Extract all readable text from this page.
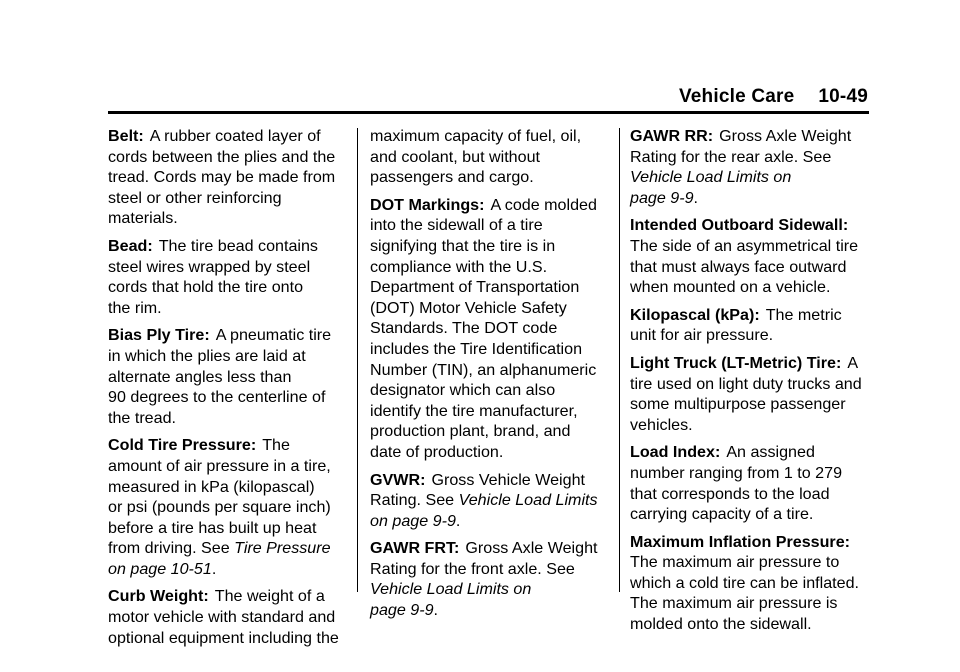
Vehicle Care 10-49

Belt: A rubber coated layer of
cords between the plies and the
tread. Cords may be made from
steel or other reinforcing
materials.

Bead: The tire bead contains
steel wires wrapped by steel
cords that hold the tire onto
the rim.

Bias Ply Tire: A pneumatic tire
in which the plies are laid at
alternate angles less than
90 degrees to the centerline of
the tread.

Cold Tire Pressure: The
amount of air pressure in a tire,
measured in kPa (kilopascal)
or psi (pounds per square inch)
before a tire has built up heat
from driving. See Tire Pressure
on page 10-51.

Curb Weight: The weight of a
motor vehicle with standard and
optional equipment including the

maximum capacity of fuel, oil,
and coolant, but without
passengers and cargo.

DOT Markings: A code molded
into the sidewall of a tire
signifying that the tire is in
compliance with the U.S.
Department of Transportation
(DOT) Motor Vehicle Safety
Standards. The DOT code
includes the Tire Identification
Number (TIN), an alphanumeric
designator which can also
identify the tire manufacturer,
production plant, brand, and
date of production.

GVWR: Gross Vehicle Weight
Rating. See Vehicle Load Limits
on page 9-9.

GAWR FRT: Gross Axle Weight
Rating for the front axle. See
Vehicle Load Limits on
page 9-9.

GAWR RR: Gross Axle Weight
Rating for the rear axle. See
Vehicle Load Limits on
page 9-9.

Intended Outboard Sidewall:
The side of an asymmetrical tire
that must always face outward
when mounted on a vehicle.

Kilopascal (kPa): The metric
unit for air pressure.

Light Truck (LT-Metric) Tire: A
tire used on light duty trucks and
some multipurpose passenger
vehicles.

Load Index: An assigned
number ranging from 1 to 279
that corresponds to the load
carrying capacity of a tire.

Maximum Inflation Pressure:
The maximum air pressure to
which a cold tire can be inflated.
The maximum air pressure is
molded onto the sidewall.
